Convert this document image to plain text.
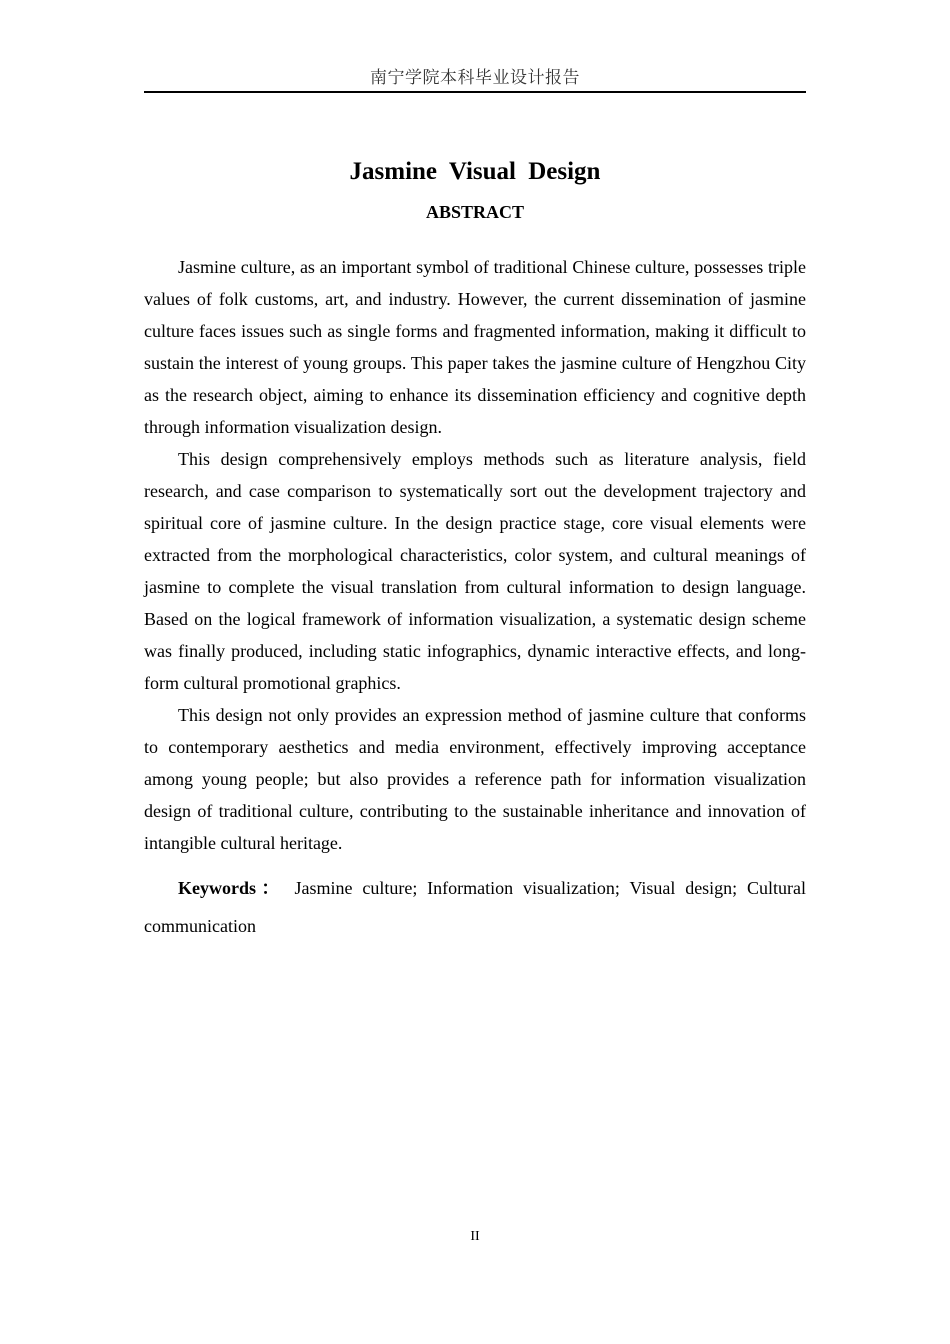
南宁学院本科毕业设计报告
Jasmine Visual Design
ABSTRACT

Jasmine culture, as an important symbol of traditional Chinese culture, possesses triple values of folk customs, art, and industry. However, the current dissemination of jasmine culture faces issues such as single forms and fragmented information, making it difficult to sustain the interest of young groups. This paper takes the jasmine culture of Hengzhou City as the research object, aiming to enhance its dissemination efficiency and cognitive depth through information visualization design.

This design comprehensively employs methods such as literature analysis, field research, and case comparison to systematically sort out the development trajectory and spiritual core of jasmine culture. In the design practice stage, core visual elements were extracted from the morphological characteristics, color system, and cultural meanings of jasmine to complete the visual translation from cultural information to design language. Based on the logical framework of information visualization, a systematic design scheme was finally produced, including static infographics, dynamic interactive effects, and long-form cultural promotional graphics.

This design not only provides an expression method of jasmine culture that conforms to contemporary aesthetics and media environment, effectively improving acceptance among young people; but also provides a reference path for information visualization design of traditional culture, contributing to the sustainable inheritance and innovation of intangible cultural heritage.

Keywords： Jasmine culture; Information visualization; Visual design; Cultural communication

II
